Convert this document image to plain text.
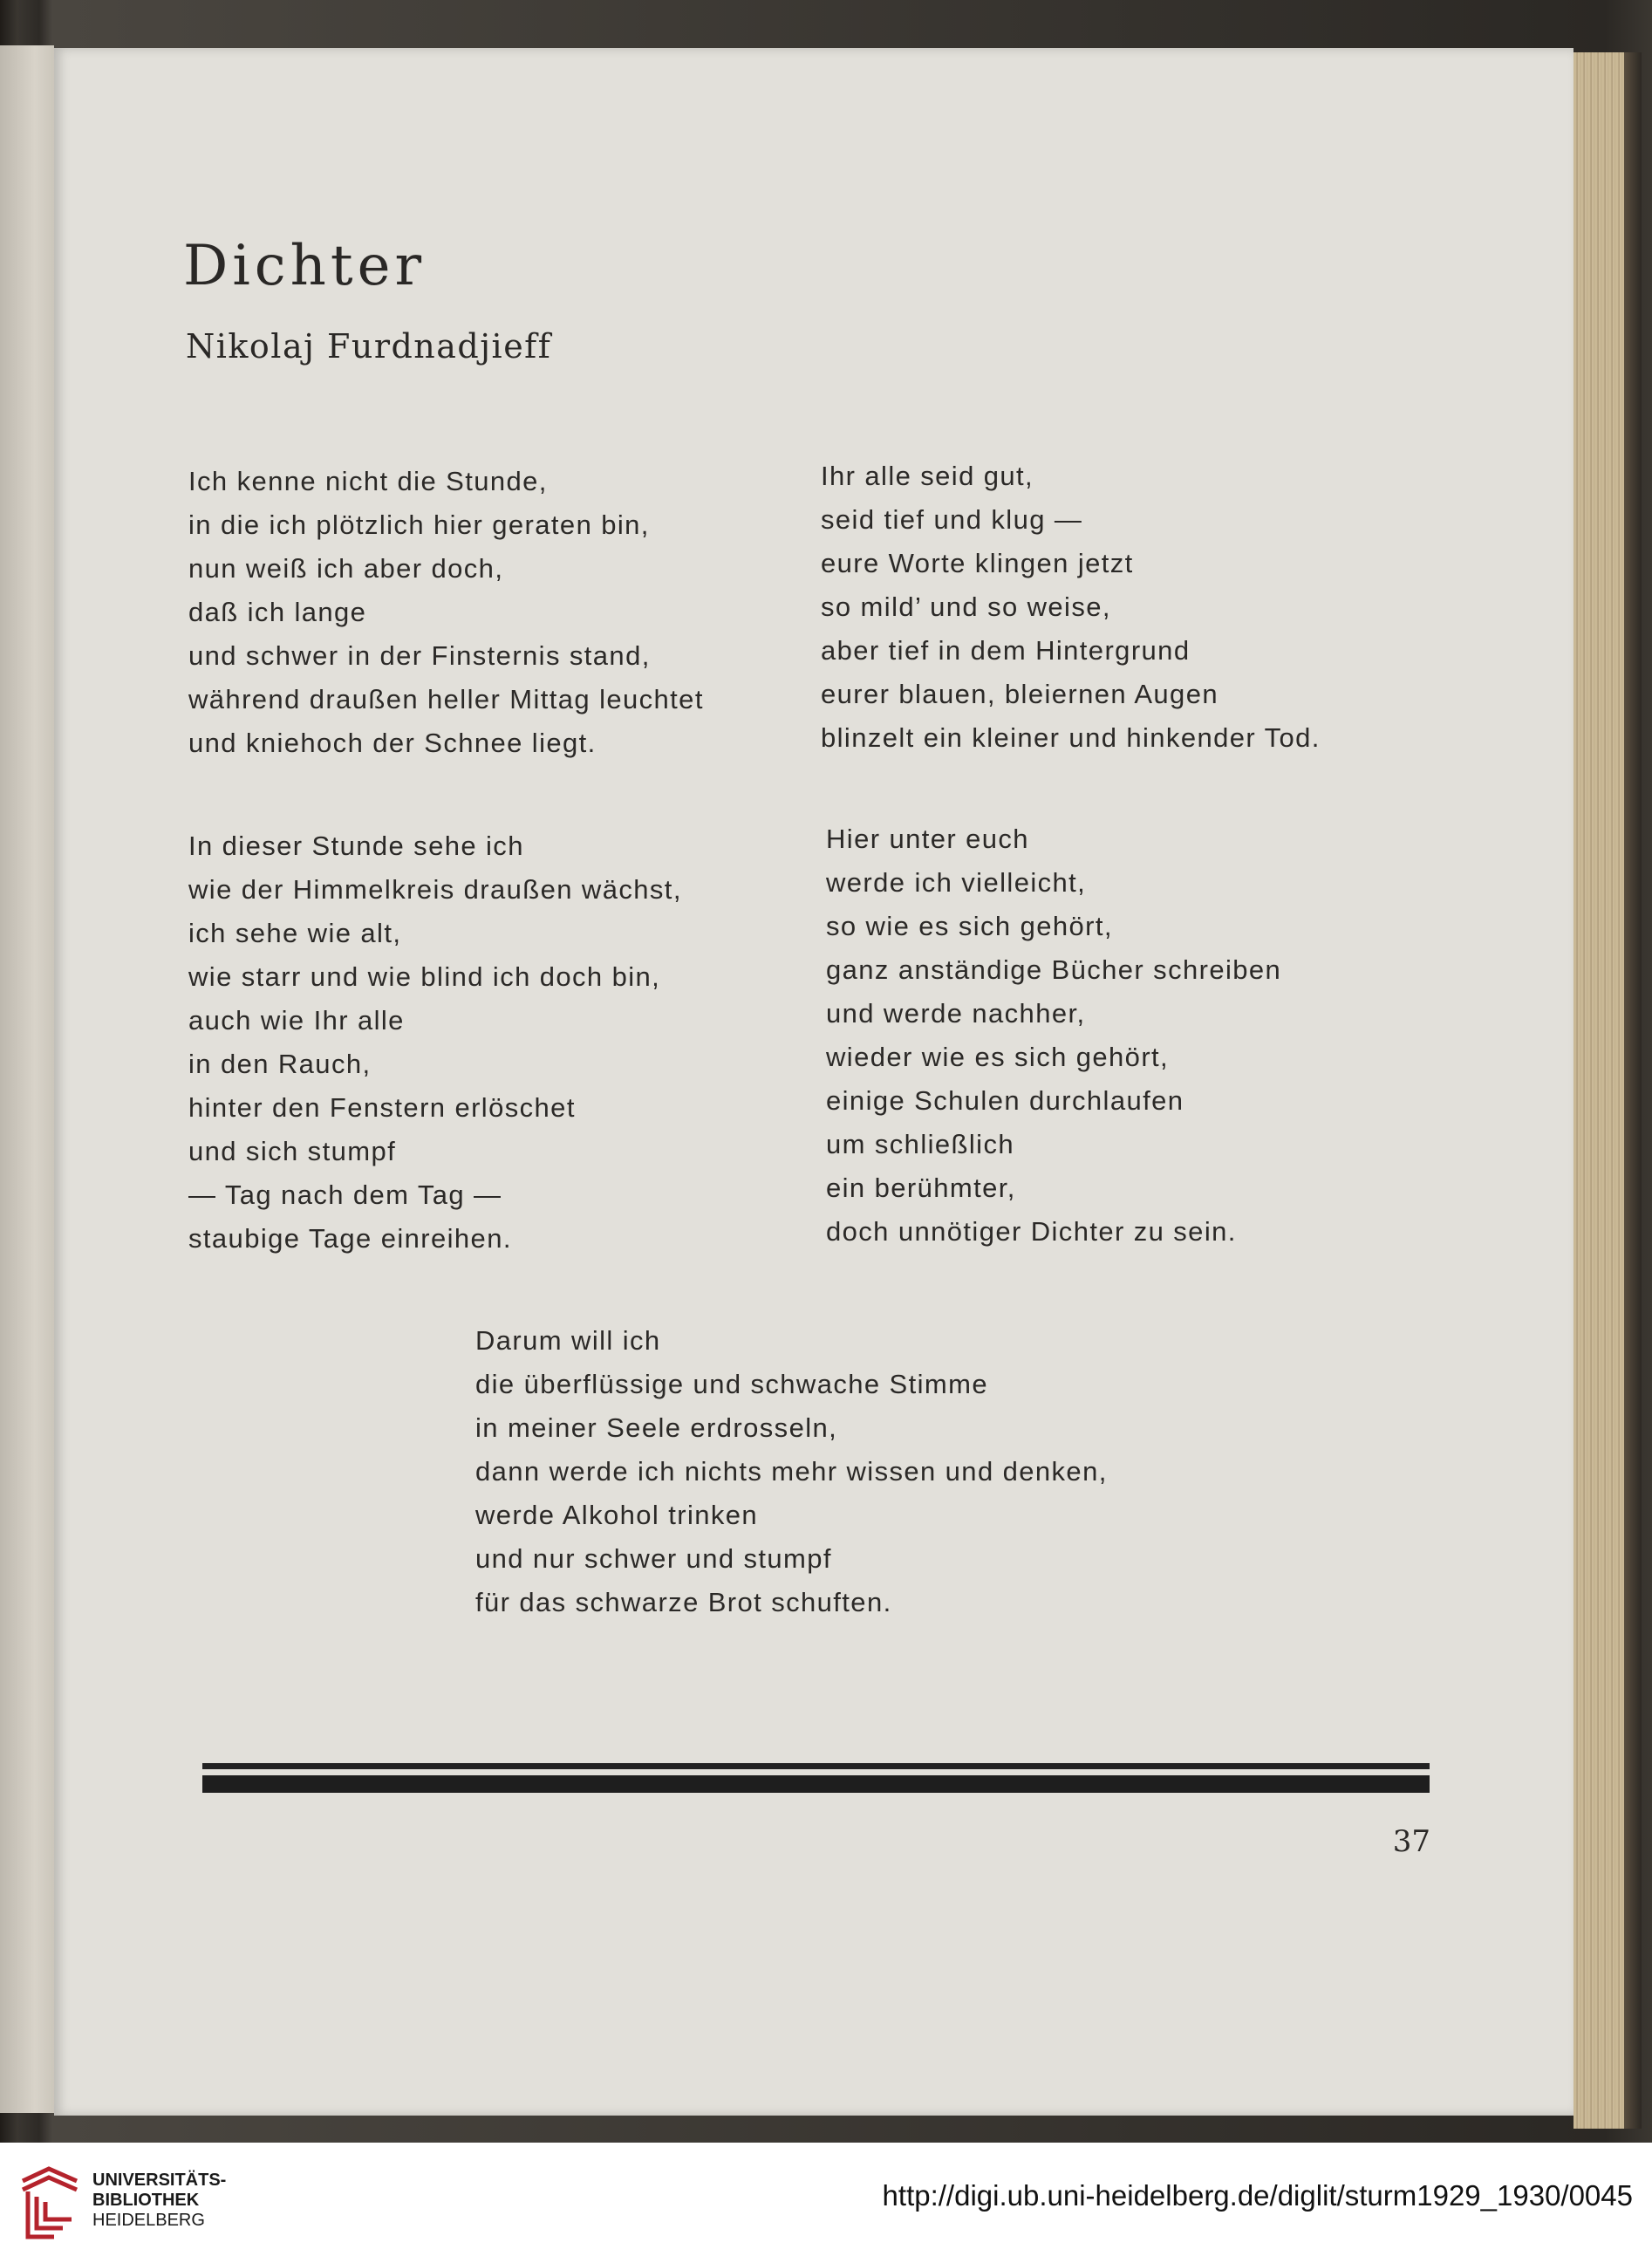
Dichter
Nikolaj Furdnadjieff
Ich kenne nicht die Stunde,
in die ich plötzlich hier geraten bin,
nun weiß ich aber doch,
daß ich lange
und schwer in der Finsternis stand,
während draußen heller Mittag leuchtet
und kniehoch der Schnee liegt.
Ihr alle seid gut,
seid tief und klug —
eure Worte klingen jetzt
so mild’ und so weise,
aber tief in dem Hintergrund
eurer blauen, bleiernen Augen
blinzelt ein kleiner und hinkender Tod.
In dieser Stunde sehe ich
wie der Himmelkreis draußen wächst,
ich sehe wie alt,
wie starr und wie blind ich doch bin,
auch wie Ihr alle
in den Rauch,
hinter den Fenstern erlöschet
und sich stumpf
— Tag nach dem Tag —
staubige Tage einreihen.
Hier unter euch
werde ich vielleicht,
so wie es sich gehört,
ganz anständige Bücher schreiben
und werde nachher,
wieder wie es sich gehört,
einige Schulen durchlaufen
um schließlich
ein berühmter,
doch unnötiger Dichter zu sein.
Darum will ich
die überflüssige und schwache Stimme
in meiner Seele erdrosseln,
dann werde ich nichts mehr wissen und denken,
werde Alkohol trinken
und nur schwer und stumpf
für das schwarze Brot schuften.
37
UNIVERSITÄTS-
BIBLIOTHEK
HEIDELBERG
http://digi.ub.uni-heidelberg.de/diglit/sturm1929_1930/0045
